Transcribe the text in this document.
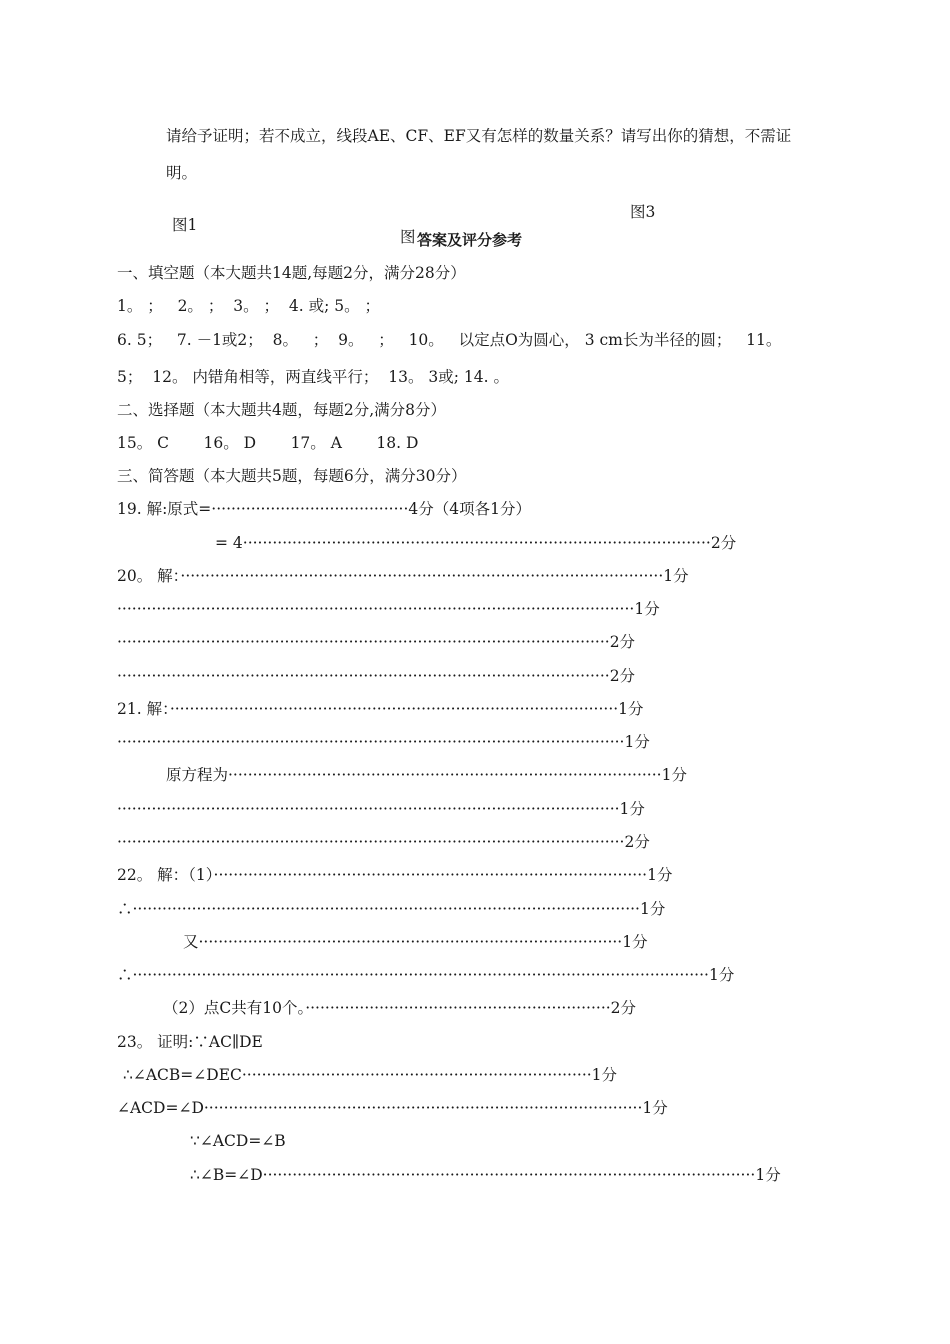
请给予证明；若不成立，线段AE、CF、EF又有怎样的数量关系？请写出你的猜想，不需证
明。
图1
图3
图 答案及评分参考
一、填空题（本大题共14题,每题2分，满分28分）
1。 ；   2。 ；  3。 ；  4. 或; 5。 ；
6. 5；   7. －1或2；  8。   ；  9。   ；   10。   以定点O为圆心， 3 cm长为半径的圆；   11。
5；  12。 内错角相等，两直线平行；  13。 3或; 14. 。
二、选择题（本大题共4题，每题2分,满分8分）
15。 C       16。 D       17。 A       18. D
三、简答题（本大题共5题，每题6分，满分30分）
19. 解:原式=········································4分（4项各1分）
= 4·······························································································2分
20。 解：··································································································1分
·········································································································1分
····································································································2分
····································································································2分
21. 解：···························································································1分
·······································································································1分
原方程为························································································1分
······································································································1分
·······································································································2分
22。 解：（1）························································································1分
∴·······································································································1分
又······················································································1分
∴·····················································································································1分
（2）点C共有10个。······························································2分
23。 证明:∵AC∥DE
∴∠ACB=∠DEC·······································································1分
∠ACD=∠D·························································································1分
∵∠ACD=∠B
∴∠B=∠D····································································································1分
